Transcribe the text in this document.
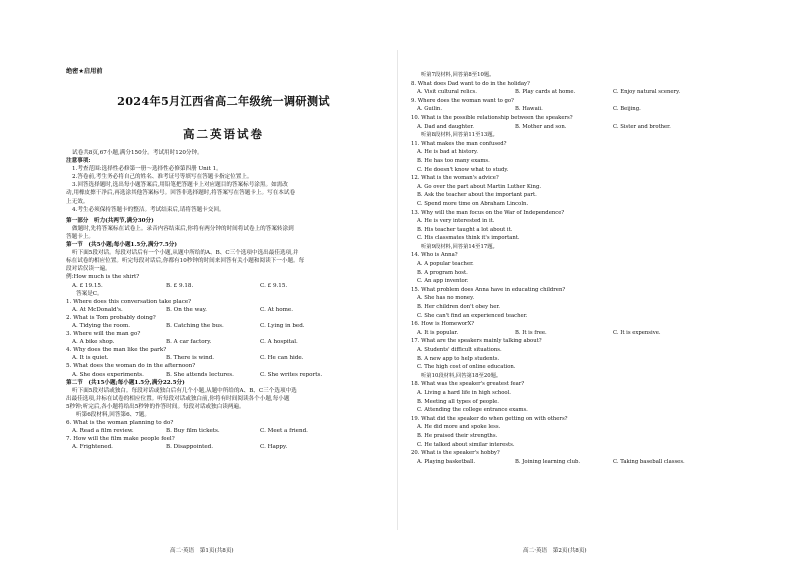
绝密★启用前
2024年5月江西省高二年级统一调研测试
高二英语试卷
试卷共8页,67小题,满分150分。考试用时120分钟。
注意事项:
1.考查范围:选择性必修第一册～选择性必修第四册 Unit 1。
2.答卷前,考生务必将自己的姓名、准考证号等填写在答题卡指定位置上。
3.回答选择题时,选出每小题答案后,用铅笔把答题卡上对应题目的答案标号涂黑。如需改
动,用橡皮擦干净后,再选涂其他答案标号。回答非选择题时,将答案写在答题卡上。写在本试卷
上无效。
4.考生必须保持答题卡的整洁。考试结束后,请将答题卡交回。
第一部分　听力(共两节,满分30分)
做题时,先将答案标在试卷上。录音内容结束后,你将有两分钟的时间将试卷上的答案转涂到
答题卡上。
第一节　(共5小题;每小题1.5分,满分7.5分)
听下面5段对话。每段对话后有一个小题,从题中所给的A、B、C三个选项中选出最佳选项,并
标在试卷的相应位置。听完每段对话后,你都有10秒钟的时间来回答有关小题和阅读下一小题。每
段对话仅读一遍。
例:How much is the shirt?
A. £ 19.15.	B. £ 9.18.	C. £ 9.15.
答案是C。
1. Where does this conversation take place?
A. At McDonald's.	B. On the way.	C. At home.
2. What is Tom probably doing?
A. Tidying the room.	B. Catching the bus.	C. Lying in bed.
3. Where will the man go?
A. A bike shop.	B. A car factory.	C. A hospital.
4. Why does the man like the park?
A. It is quiet.	B. There is wind.	C. He can hide.
5. What does the woman do in the afternoon?
A. She does experiments.	B. She attends lectures.	C. She writes reports.
第二节　(共15小题;每小题1.5分,满分22.5分)
听下面5段对话或独白。每段对话或独白后有几个小题,从题中所给的A、B、C三个选项中选
出最佳选项,并标在试卷的相应位置。听每段对话或独白前,你将有时间阅读各个小题,每小题
5秒钟;听完后,各小题将给出5秒钟的作答时间。每段对话或独白读两遍。
听第6段材料,回答第6、7题。
6. What is the woman planning to do?
A. Read a film review.	B. Buy film tickets.	C. Meet a friend.
7. How will the film make people feel?
A. Frightened.	B. Disappointed.	C. Happy.
高二·英语　第1页(共8页)
听第7段材料,回答第8至10题。
8. What does Dad want to do in the holiday?
A. Visit cultural relics.	B. Play cards at home.	C. Enjoy natural scenery.
9. Where does the woman want to go?
A. Guilin.	B. Hawaii.	C. Beijing.
10. What is the possible relationship between the speakers?
A. Dad and daughter.	B. Mother and son.	C. Sister and brother.
听第8段材料,回答第11至13题。
11. What makes the man confused?
A. He is bad at history.
B. He has too many exams.
C. He doesn't know what to study.
12. What is the woman's advice?
A. Go over the part about Martin Luther King.
B. Ask the teacher about the important part.
C. Spend more time on Abraham Lincoln.
13. Why will the man focus on the War of Independence?
A. He is very interested in it.
B. His teacher taught a lot about it.
C. His classmates think it's important.
听第9段材料,回答第14至17题。
14. Who is Anna?
A. A popular teacher.
B. A program host.
C. An app inventor.
15. What problem does Anna have in educating children?
A. She has no money.
B. Her children don't obey her.
C. She can't find an experienced teacher.
16. How is HomeworX?
A. It is popular.	B. It is free.	C. It is expensive.
17. What are the speakers mainly talking about?
A. Students' difficult situations.
B. A new app to help students.
C. The high cost of online education.
听第10段材料,回答第18至20题。
18. What was the speaker's greatest fear?
A. Living a hard life in high school.
B. Meeting all types of people.
C. Attending the college entrance exams.
19. What did the speaker do when getting on with others?
A. He did more and spoke less.
B. He praised their strengths.
C. He talked about similar interests.
20. What is the speaker's hobby?
A. Playing basketball.	B. Joining learning club.	C. Taking baseball classes.
高二·英语　第2页(共8页)
